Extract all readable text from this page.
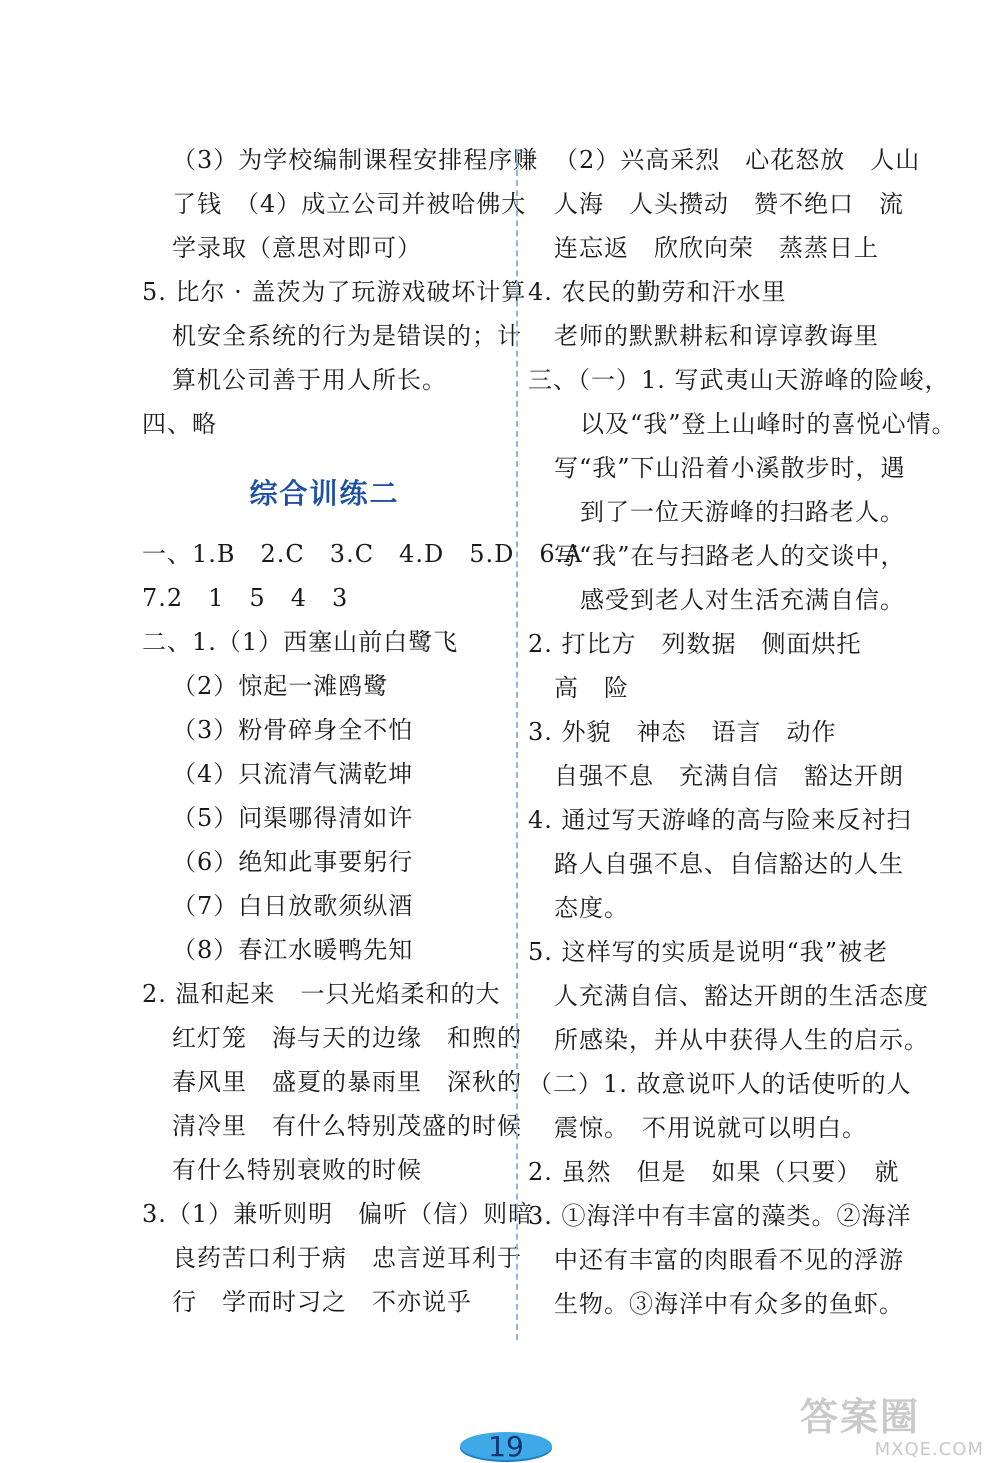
（3）为学校编制课程安排程序赚
了钱　（4）成立公司并被哈佛大
学录取（意思对即可）
5. 比尔 · 盖茨为了玩游戏破坏计算
机安全系统的行为是错误的；计
算机公司善于用人所长。
四、略
综合训练二
一、1.B　2.C　3.C　4.D　5.D　6.A
7.2　1　5　4　3
二、1.（1）西塞山前白鹭飞
（2）惊起一滩鸥鹭
（3）粉骨碎身全不怕
（4）只流清气满乾坤
（5）问渠哪得清如许
（6）绝知此事要躬行
（7）白日放歌须纵酒
（8）春江水暖鸭先知
2. 温和起来　一只光焰柔和的大
红灯笼　海与天的边缘　和煦的
春风里　盛夏的暴雨里　深秋的
清冷里　有什么特别茂盛的时候
有什么特别衰败的时候
3.（1）兼听则明　偏听（信）则暗
良药苦口利于病　忠言逆耳利于
行　学而时习之　不亦说乎
（2）兴高采烈　心花怒放　人山
人海　人头攒动　赞不绝口　流
连忘返　欣欣向荣　蒸蒸日上
4. 农民的勤劳和汗水里
老师的默默耕耘和谆谆教诲里
三、（一）1. 写武夷山天游峰的险峻，
以及“我”登上山峰时的喜悦心情。
写“我”下山沿着小溪散步时，遇
到了一位天游峰的扫路老人。
写“我”在与扫路老人的交谈中，
感受到老人对生活充满自信。
2. 打比方　列数据　侧面烘托
高　险
3. 外貌　神态　语言　动作
自强不息　充满自信　豁达开朗
4. 通过写天游峰的高与险来反衬扫
路人自强不息、自信豁达的人生
态度。
5. 这样写的实质是说明“我”被老
人充满自信、豁达开朗的生活态度
所感染，并从中获得人生的启示。
（二）1. 故意说吓人的话使听的人
震惊。　不用说就可以明白。
2. 虽然　但是　如果（只要）　就
3. ①海洋中有丰富的藻类。②海洋
中还有丰富的肉眼看不见的浮游
生物。③海洋中有众多的鱼虾。
19
答案圈
MXQE.COM
